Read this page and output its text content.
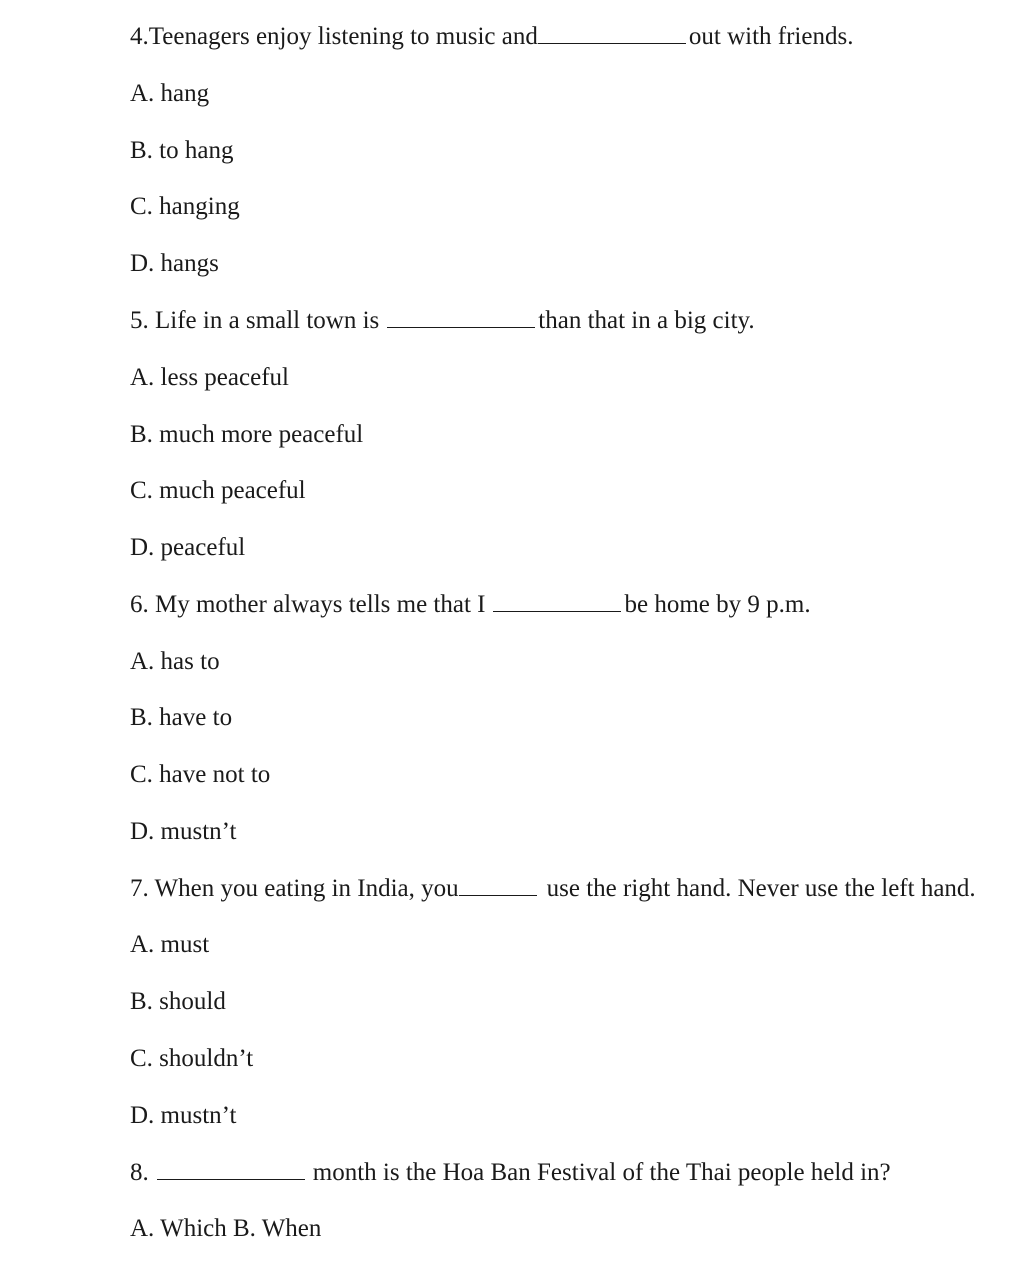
4.Teenagers enjoy listening to music and	out with friends.

A. hang

B. to hang

C. hanging

D. hangs

5. Life in a small town is	than that in a big city.

A. less peaceful

B. much more peaceful

C. much peaceful

D. peaceful

6. My mother always tells me that I	be home by 9 p.m.

A. has to

B. have to

C. have not to

D. mustn’t

7. When you eating in India, you	use the right hand. Never use the left hand.

A. must

B. should

C. shouldn’t

D. mustn’t

8.	month is the Hoa Ban Festival of the Thai people held in?

A. Which B. When
